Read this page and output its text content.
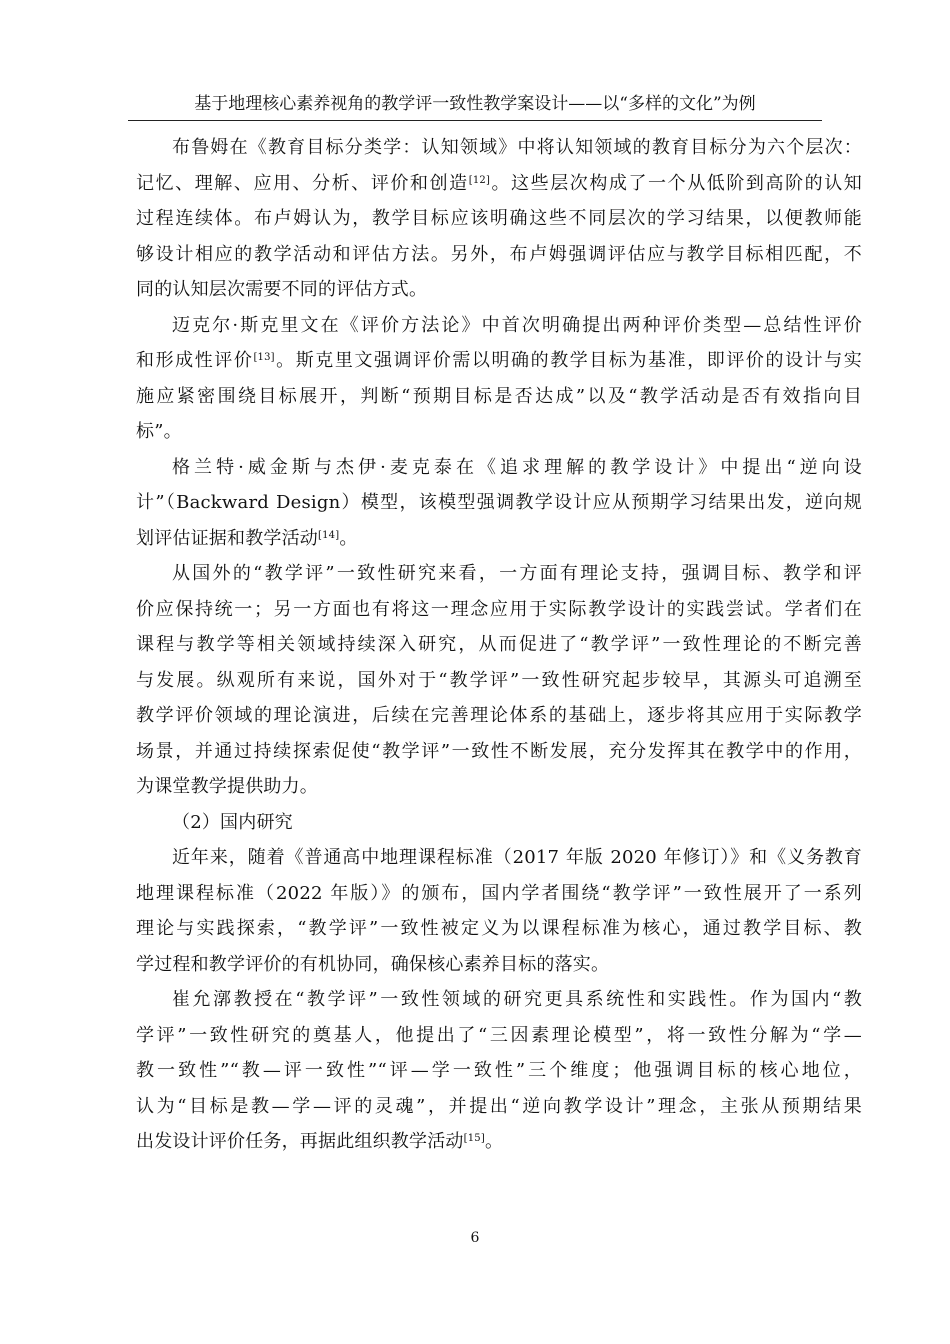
基于地理核心素养视角的教学评一致性教学案设计——以“多样的文化”为例
布鲁姆在《教育目标分类学：认知领域》中将认知领域的教育目标分为六个层次：
记忆、理解、应用、分析、评价和创造[12]。这些层次构成了一个从低阶到高阶的认知
过程连续体。布卢姆认为，教学目标应该明确这些不同层次的学习结果，以便教师能
够设计相应的教学活动和评估方法。另外，布卢姆强调评估应与教学目标相匹配，不
同的认知层次需要不同的评估方式。
迈克尔·斯克里文在《评价方法论》中首次明确提出两种评价类型—总结性评价
和形成性评价[13]。斯克里文强调评价需以明确的教学目标为基准，即评价的设计与实
施应紧密围绕目标展开，判断“预期目标是否达成”以及“教学活动是否有效指向目
标”。
格兰特·威金斯与杰伊·麦克泰在《追求理解的教学设计》中提出“逆向设
计”（Backward Design）模型，该模型强调教学设计应从预期学习结果出发，逆向规
划评估证据和教学活动[14]。
从国外的“教学评”一致性研究来看，一方面有理论支持，强调目标、教学和评
价应保持统一；另一方面也有将这一理念应用于实际教学设计的实践尝试。学者们在
课程与教学等相关领域持续深入研究，从而促进了“教学评”一致性理论的不断完善
与发展。纵观所有来说，国外对于“教学评”一致性研究起步较早，其源头可追溯至
教学评价领域的理论演进，后续在完善理论体系的基础上，逐步将其应用于实际教学
场景，并通过持续探索促使“教学评”一致性不断发展，充分发挥其在教学中的作用，
为课堂教学提供助力。
（2）国内研究
近年来，随着《普通高中地理课程标准（2017 年版 2020 年修订）》和《义务教育
地理课程标准（2022 年版）》的颁布，国内学者围绕“教学评”一致性展开了一系列
理论与实践探索，“教学评”一致性被定义为以课程标准为核心，通过教学目标、教
学过程和教学评价的有机协同，确保核心素养目标的落实。
崔允漷教授在“教学评”一致性领域的研究更具系统性和实践性。作为国内“教
学评”一致性研究的奠基人，他提出了“三因素理论模型”，将一致性分解为“学—
教一致性”“教—评一致性”“评—学一致性”三个维度；他强调目标的核心地位，
认为“目标是教—学—评的灵魂”，并提出“逆向教学设计”理念，主张从预期结果
出发设计评价任务，再据此组织教学活动[15]。
6
